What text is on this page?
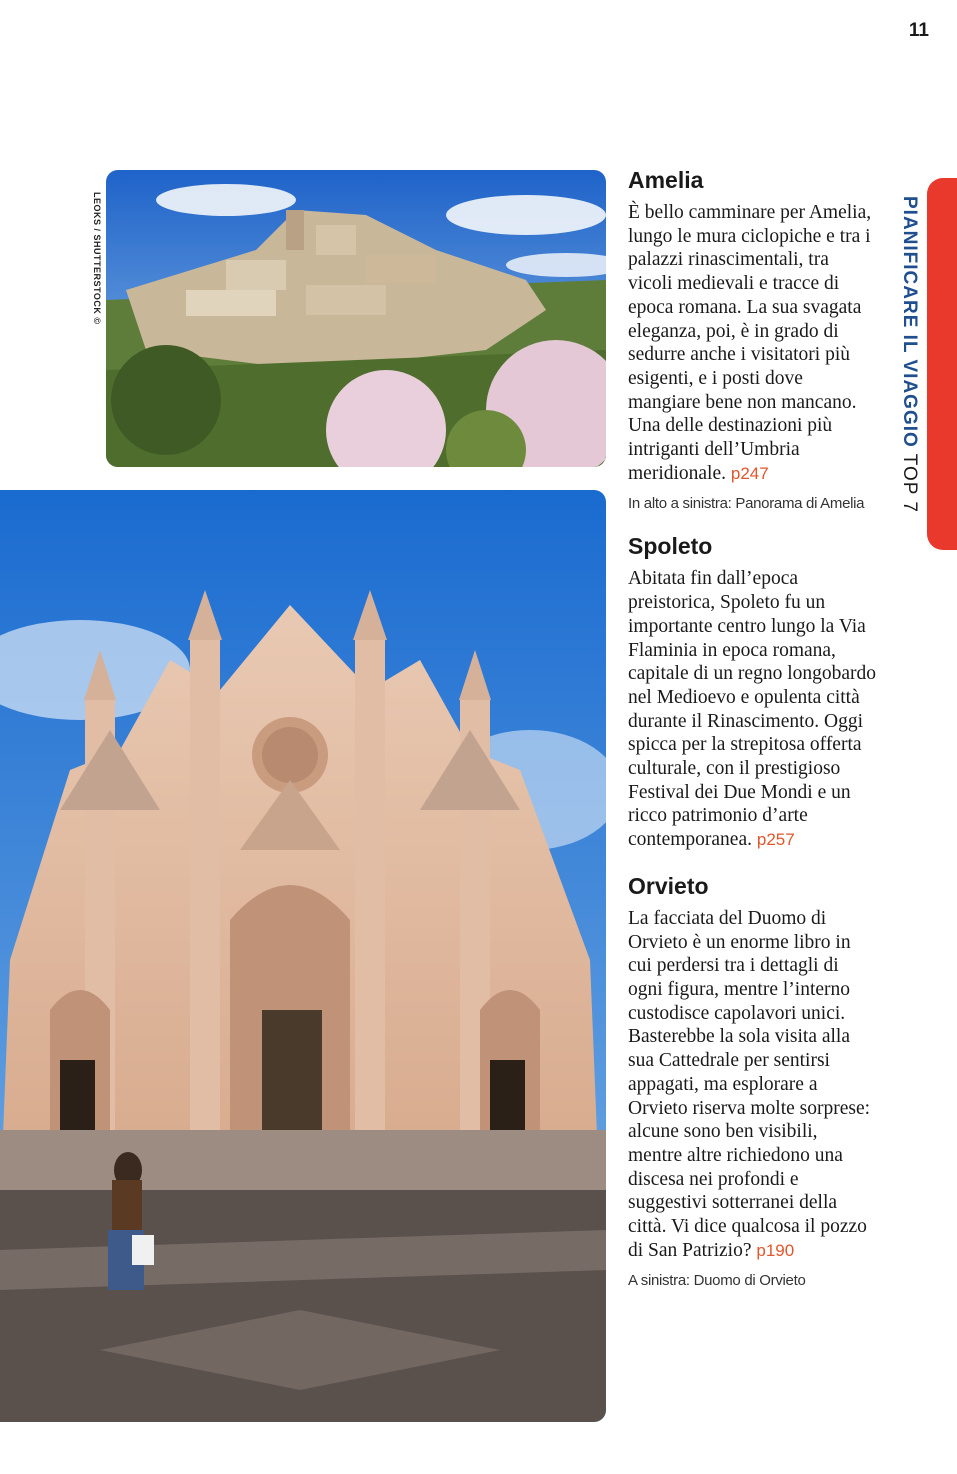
11
LEOKS / SHUTTERSTOCK ©
Amelia

È bello camminare per Amelia, lungo le mura ciclopiche e tra i palazzi rinascimentali, tra vicoli medievali e tracce di epoca romana. La sua svagata eleganza, poi, è in grado di sedurre anche i visitatori più esigenti, e i posti dove mangiare bene non mancano. Una delle destinazioni più intriganti dell’Umbria meridionale. p247

In alto a sinistra: Panorama di Amelia

Spoleto

Abitata fin dall’epoca preistorica, Spoleto fu un importante centro lungo la Via Flaminia in epoca romana, capitale di un regno longobardo nel Medioevo e opulenta città durante il Rinascimento. Oggi spicca per la strepitosa offerta culturale, con il prestigioso Festival dei Due Mondi e un ricco patrimonio d’arte contemporanea. p257

Orvieto

La facciata del Duomo di Orvieto è un enorme libro in cui perdersi tra i dettagli di ogni figura, mentre l’interno custodisce capolavori unici. Basterebbe la sola visita alla sua Cattedrale per sentirsi appagati, ma esplorare a Orvieto riserva molte sorprese: alcune sono ben visibili, mentre altre richiedono una discesa nei profondi e suggestivi sotterranei della città. Vi dice qualcosa il pozzo di San Patrizio? p190

A sinistra: Duomo di Orvieto

PIANIFICARE IL VIAGGIO TOP 7
